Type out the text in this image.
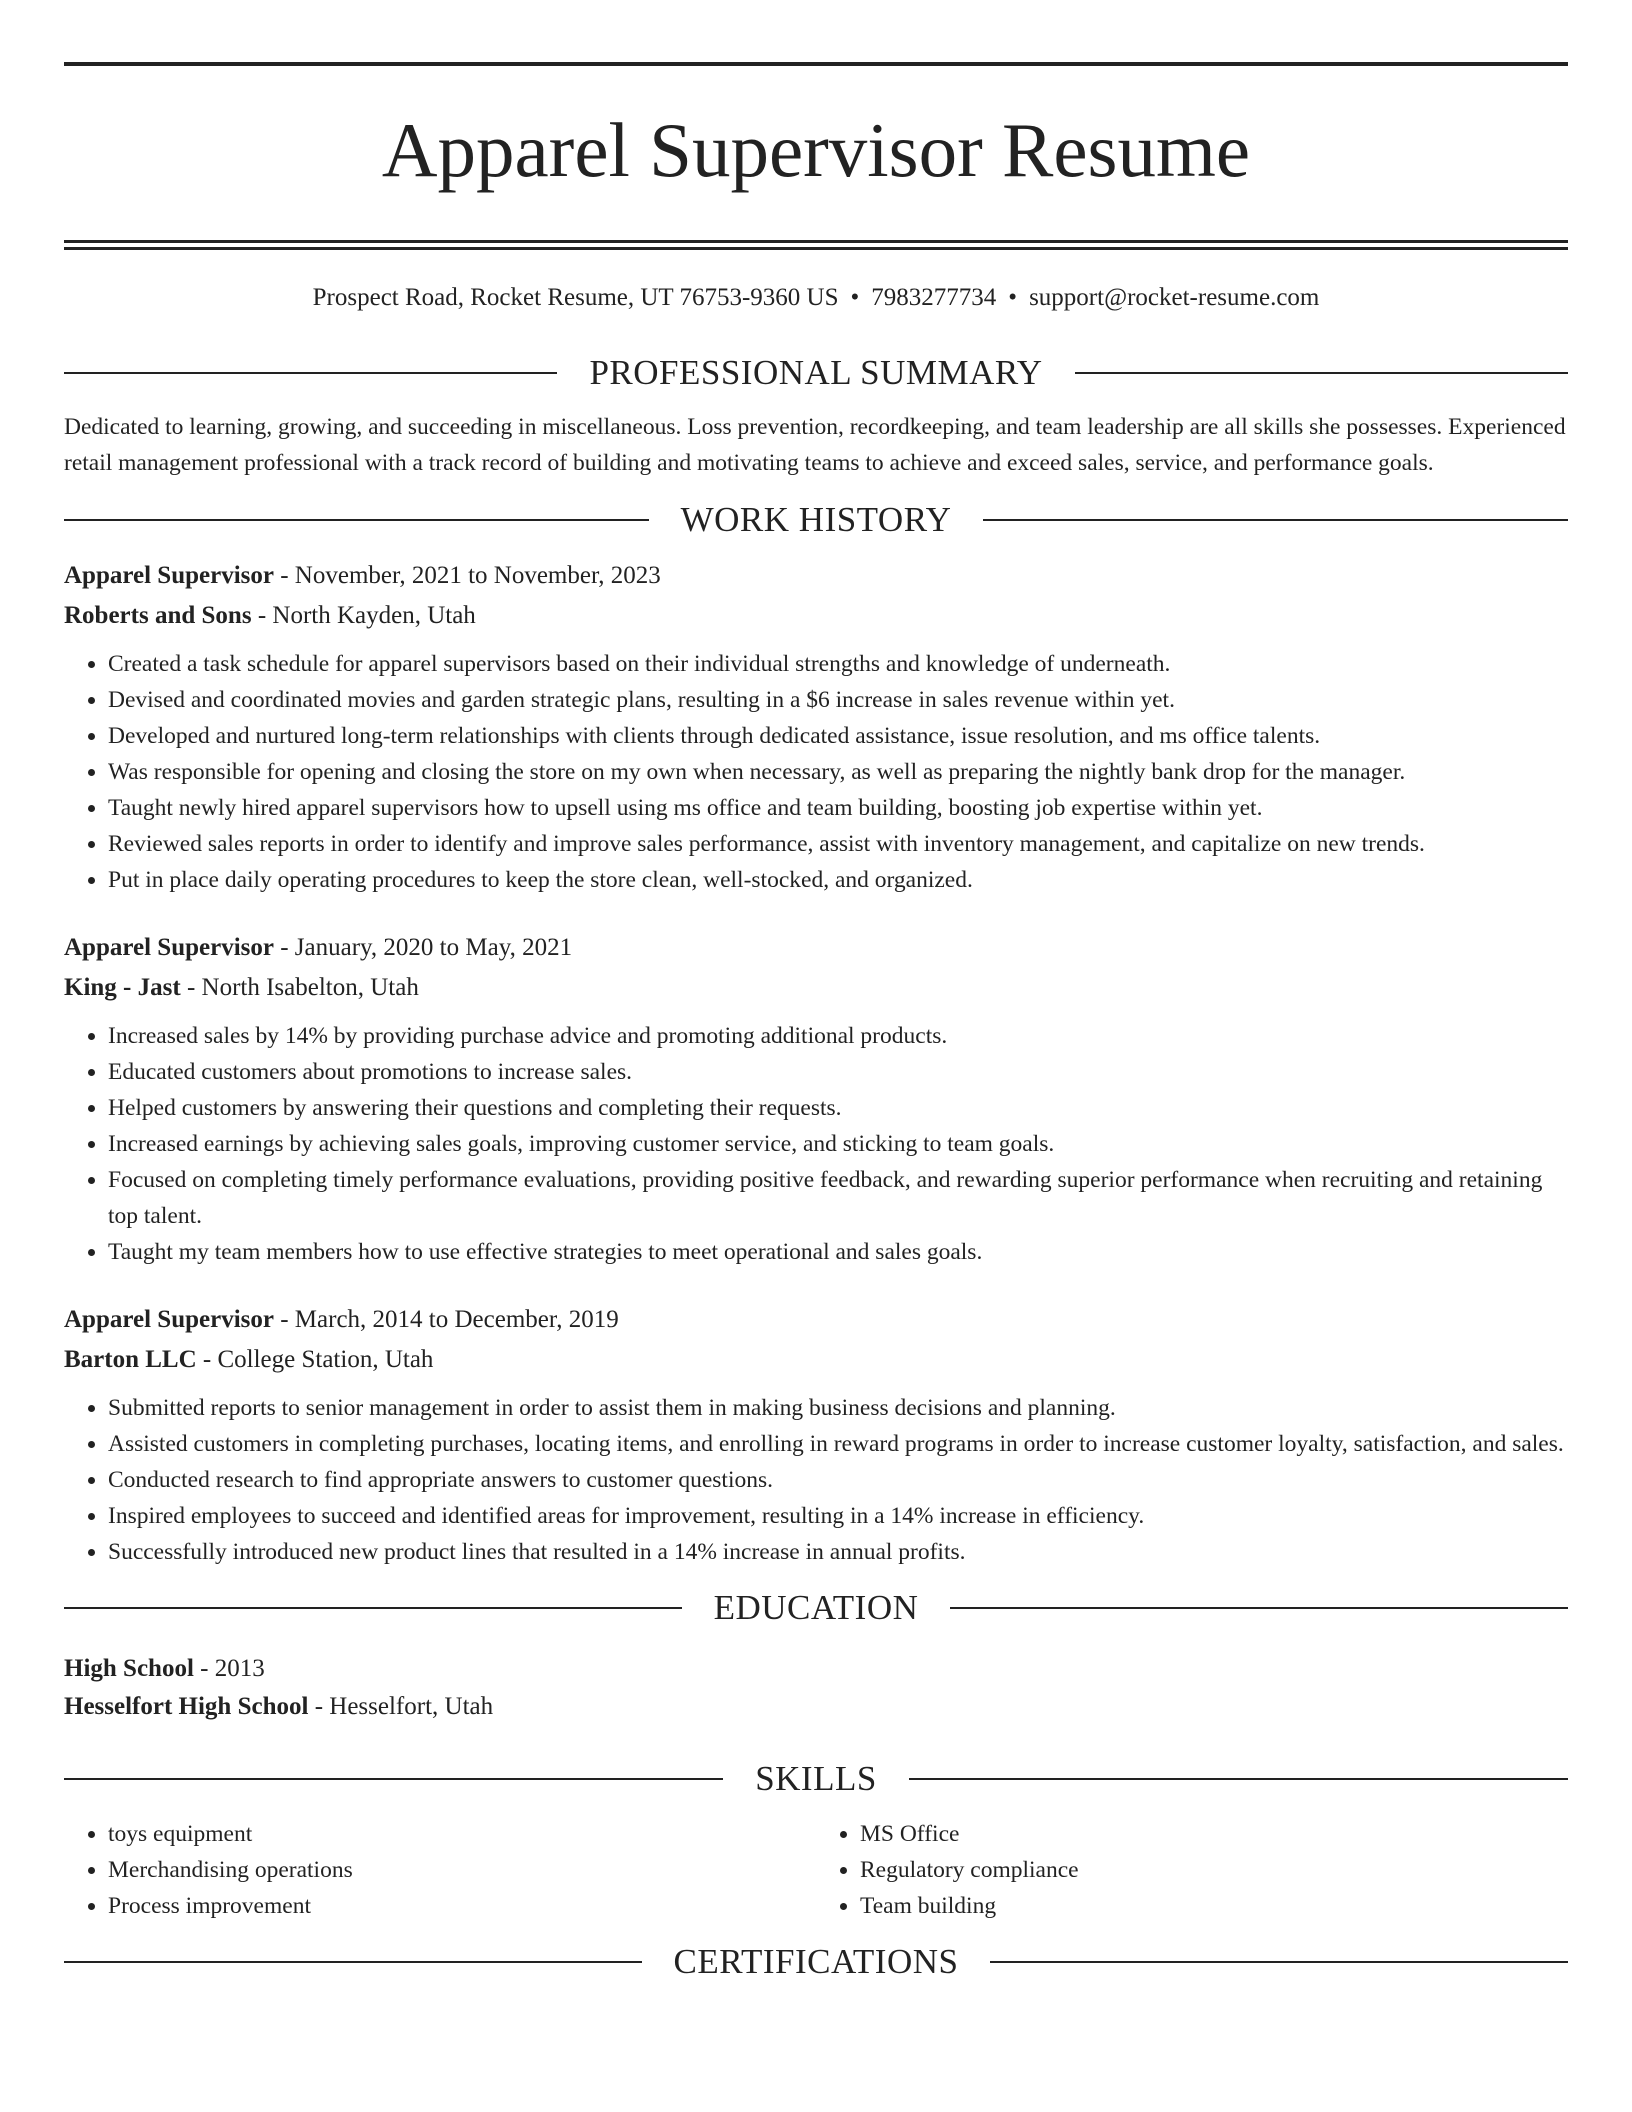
Apparel Supervisor Resume
Prospect Road, Rocket Resume, UT 76753-9360 US • 7983277734 • support@rocket-resume.com
PROFESSIONAL SUMMARY

Dedicated to learning, growing, and succeeding in miscellaneous. Loss prevention, recordkeeping, and team leadership are all skills she possesses. Experienced retail management professional with a track record of building and motivating teams to achieve and exceed sales, service, and performance goals.

WORK HISTORY
Apparel Supervisor - November, 2021 to November, 2023
Roberts and Sons - North Kayden, Utah
• Created a task schedule for apparel supervisors based on their individual strengths and knowledge of underneath.
• Devised and coordinated movies and garden strategic plans, resulting in a $6 increase in sales revenue within yet.
• Developed and nurtured long-term relationships with clients through dedicated assistance, issue resolution, and ms office talents.
• Was responsible for opening and closing the store on my own when necessary, as well as preparing the nightly bank drop for the manager.
• Taught newly hired apparel supervisors how to upsell using ms office and team building, boosting job expertise within yet.
• Reviewed sales reports in order to identify and improve sales performance, assist with inventory management, and capitalize on new trends.
• Put in place daily operating procedures to keep the store clean, well-stocked, and organized.
Apparel Supervisor - January, 2020 to May, 2021
King - Jast - North Isabelton, Utah
• Increased sales by 14% by providing purchase advice and promoting additional products.
• Educated customers about promotions to increase sales.
• Helped customers by answering their questions and completing their requests.
• Increased earnings by achieving sales goals, improving customer service, and sticking to team goals.
• Focused on completing timely performance evaluations, providing positive feedback, and rewarding superior performance when recruiting and retaining top talent.
• Taught my team members how to use effective strategies to meet operational and sales goals.
Apparel Supervisor - March, 2014 to December, 2019
Barton LLC - College Station, Utah
• Submitted reports to senior management in order to assist them in making business decisions and planning.
• Assisted customers in completing purchases, locating items, and enrolling in reward programs in order to increase customer loyalty, satisfaction, and sales.
• Conducted research to find appropriate answers to customer questions.
• Inspired employees to succeed and identified areas for improvement, resulting in a 14% increase in efficiency.
• Successfully introduced new product lines that resulted in a 14% increase in annual profits.
EDUCATION
High School - 2013
Hesselfort High School - Hesselfort, Utah
SKILLS
• toys equipment
• Merchandising operations
• Process improvement
• MS Office
• Regulatory compliance
• Team building
CERTIFICATIONS
